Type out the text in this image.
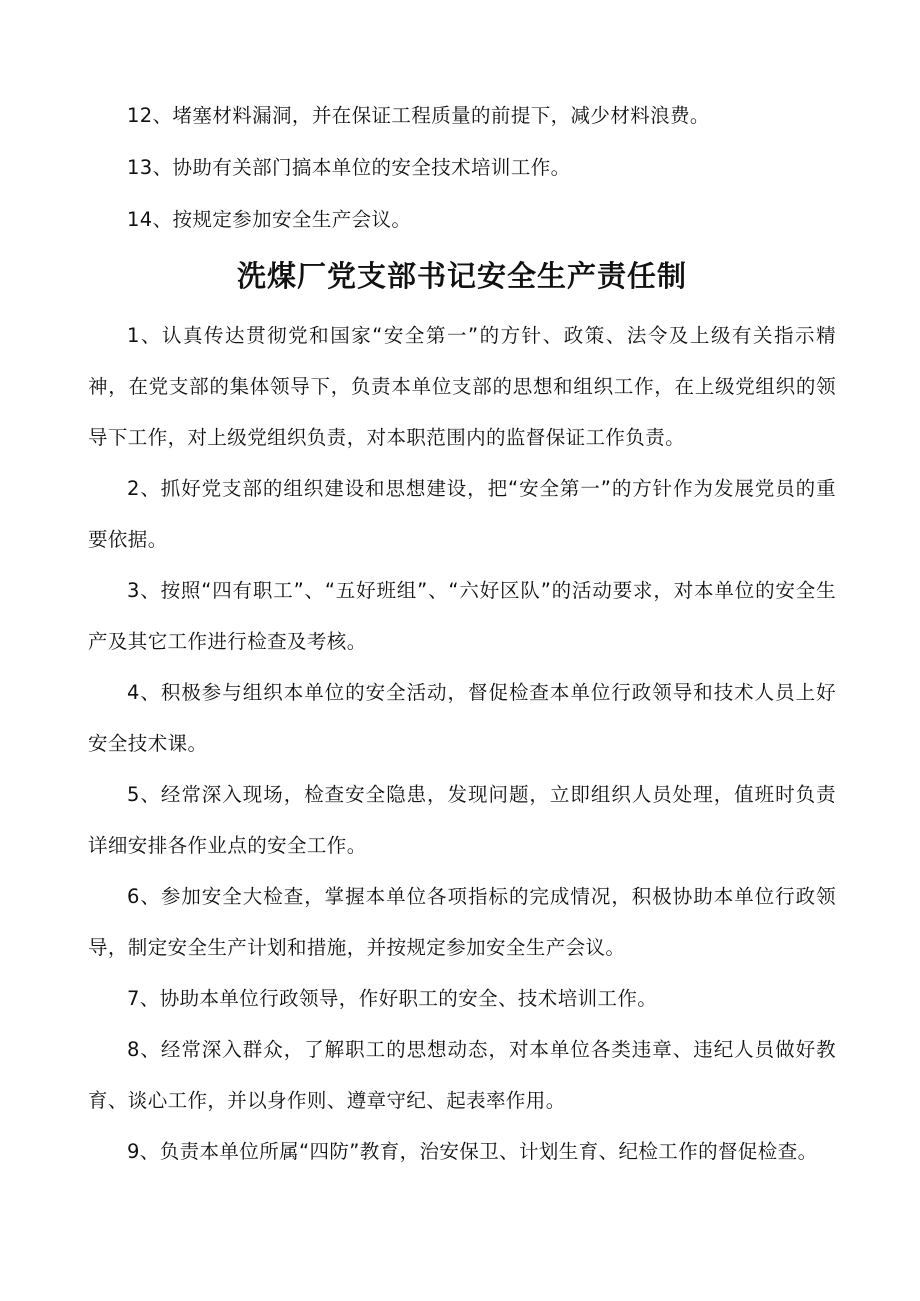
12、堵塞材料漏洞，并在保证工程质量的前提下，减少材料浪费。

13、协助有关部门搞本单位的安全技术培训工作。

14、按规定参加安全生产会议。

洗煤厂党支部书记安全生产责任制

1、认真传达贯彻党和国家“安全第一”的方针、政策、法令及上级有关指示精神，在党支部的集体领导下，负责本单位支部的思想和组织工作，在上级党组织的领导下工作，对上级党组织负责，对本职范围内的监督保证工作负责。

2、抓好党支部的组织建设和思想建设，把“安全第一”的方针作为发展党员的重要依据。

3、按照“四有职工”、“五好班组”、“六好区队”的活动要求，对本单位的安全生产及其它工作进行检查及考核。

4、积极参与组织本单位的安全活动，督促检查本单位行政领导和技术人员上好安全技术课。

5、经常深入现场，检查安全隐患，发现问题，立即组织人员处理，值班时负责详细安排各作业点的安全工作。

6、参加安全大检查，掌握本单位各项指标的完成情况，积极协助本单位行政领导，制定安全生产计划和措施，并按规定参加安全生产会议。

7、协助本单位行政领导，作好职工的安全、技术培训工作。

8、经常深入群众，了解职工的思想动态，对本单位各类违章、违纪人员做好教育、谈心工作，并以身作则、遵章守纪、起表率作用。

9、负责本单位所属“四防”教育，治安保卫、计划生育、纪检工作的督促检查。
